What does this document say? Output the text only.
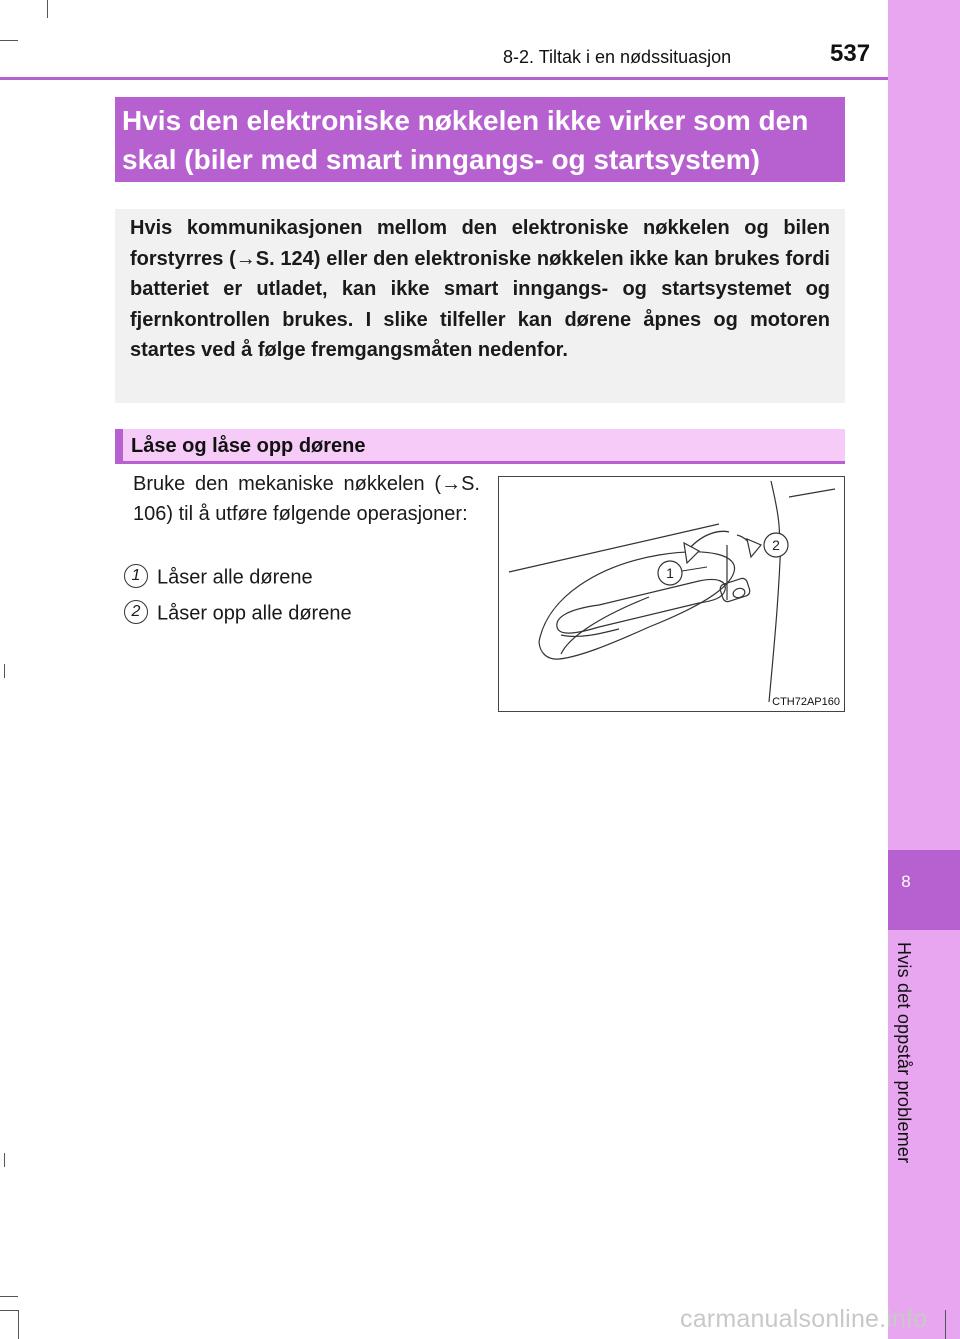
8
Hvis det oppstår problemer
8-2. Tiltak i en nødssituasjon	537

Hvis den elektroniske nøkkelen ikke virker som den

skal (biler med smart inngangs- og startsystem)

Hvis kommunikasjonen mellom den elektroniske nøkkelen og bilen forstyrres (→S. 124) eller den elektroniske nøkkelen ikke kan brukes fordi batteriet er utladet, kan ikke smart inngangs- og startsystemet og fjernkontrollen brukes. I slike tilfeller kan dørene åpnes og motoren startes ved å følge fremgangsmåten nedenfor.

Låse og låse opp dørene

Bruke den mekaniske nøkkelen (→S. 106) til å utføre følgende operasjoner:

1 Låser alle dørene
2 Låser opp alle dørene
1
2
CTH72AP160
carmanualsonline.info
